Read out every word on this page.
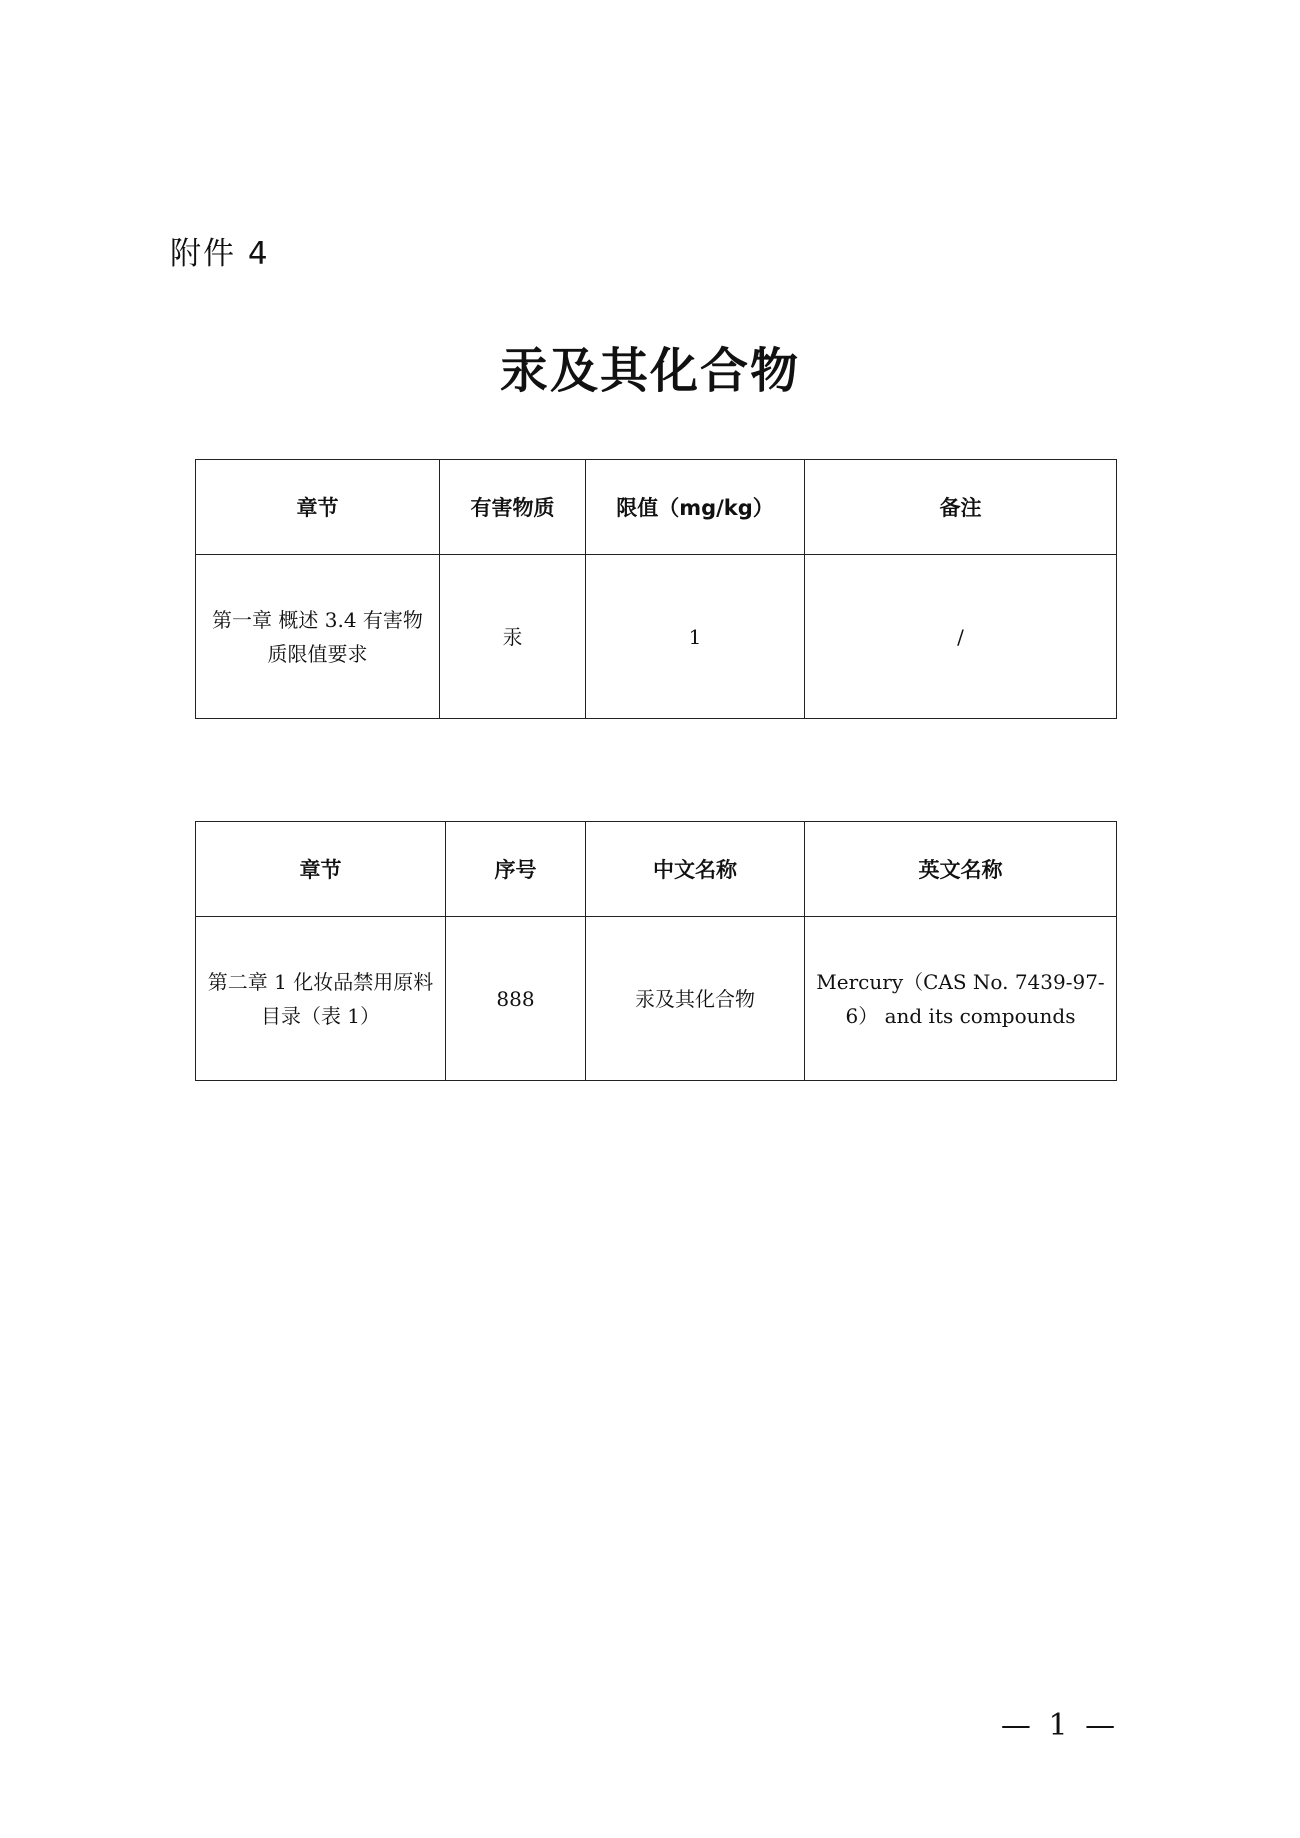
附件 4
汞及其化合物
章节	有害物质	限值（mg/kg）	备注
第一章 概述 3.4 有害物质限值要求	汞	1	/
章节	序号	中文名称	英文名称
第二章 1 化妆品禁用原料目录（表 1）	888	汞及其化合物	Mercury（CAS No. 7439-97-6） and its compounds
— 1 —
